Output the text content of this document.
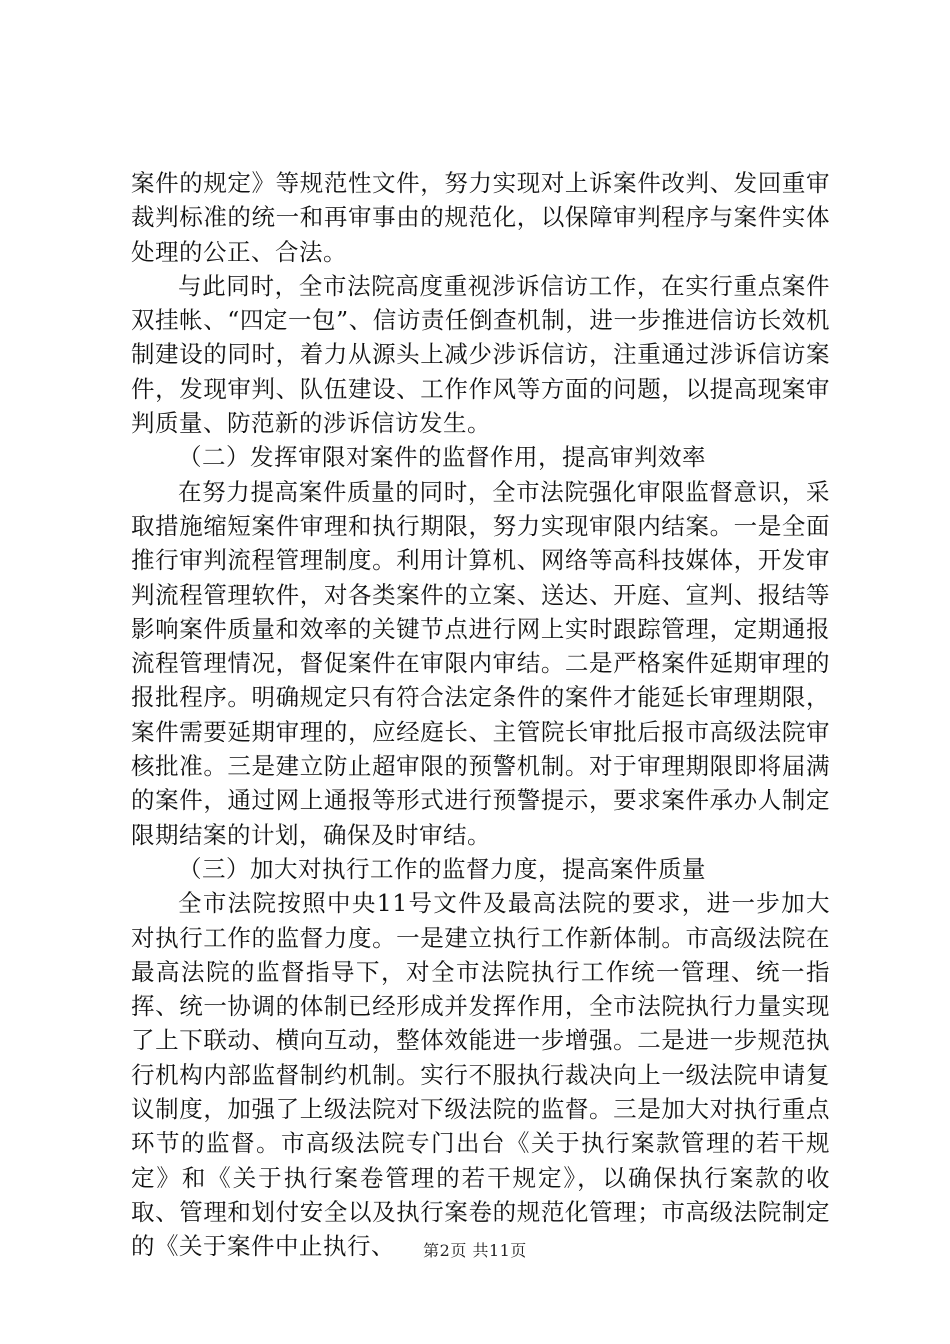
案件的规定》等规范性文件，努力实现对上诉案件改判、发回重审裁判标准的统一和再审事由的规范化，以保障审判程序与案件实体处理的公正、合法。

与此同时，全市法院高度重视涉诉信访工作，在实行重点案件双挂帐、“四定一包”、信访责任倒查机制，进一步推进信访长效机制建设的同时，着力从源头上减少涉诉信访，注重通过涉诉信访案件，发现审判、队伍建设、工作作风等方面的问题，以提高现案审判质量、防范新的涉诉信访发生。

（二）发挥审限对案件的监督作用，提高审判效率

在努力提高案件质量的同时，全市法院强化审限监督意识，采取措施缩短案件审理和执行期限，努力实现审限内结案。一是全面推行审判流程管理制度。利用计算机、网络等高科技媒体，开发审判流程管理软件，对各类案件的立案、送达、开庭、宣判、报结等影响案件质量和效率的关键节点进行网上实时跟踪管理，定期通报流程管理情况，督促案件在审限内审结。二是严格案件延期审理的报批程序。明确规定只有符合法定条件的案件才能延长审理期限，案件需要延期审理的，应经庭长、主管院长审批后报市高级法院审核批准。三是建立防止超审限的预警机制。对于审理期限即将届满的案件，通过网上通报等形式进行预警提示，要求案件承办人制定限期结案的计划，确保及时审结。

（三）加大对执行工作的监督力度，提高案件质量

全市法院按照中央11号文件及最高法院的要求，进一步加大对执行工作的监督力度。一是建立执行工作新体制。市高级法院在最高法院的监督指导下，对全市法院执行工作统一管理、统一指挥、统一协调的体制已经形成并发挥作用，全市法院执行力量实现了上下联动、横向互动，整体效能进一步增强。二是进一步规范执行机构内部监督制约机制。实行不服执行裁决向上一级法院申请复议制度，加强了上级法院对下级法院的监督。三是加大对执行重点环节的监督。市高级法院专门出台《关于执行案款管理的若干规定》和《关于执行案卷管理的若干规定》，以确保执行案款的收取、管理和划付安全以及执行案卷的规范化管理；市高级法院制定的《关于案件中止执行、	第2页 共11页
